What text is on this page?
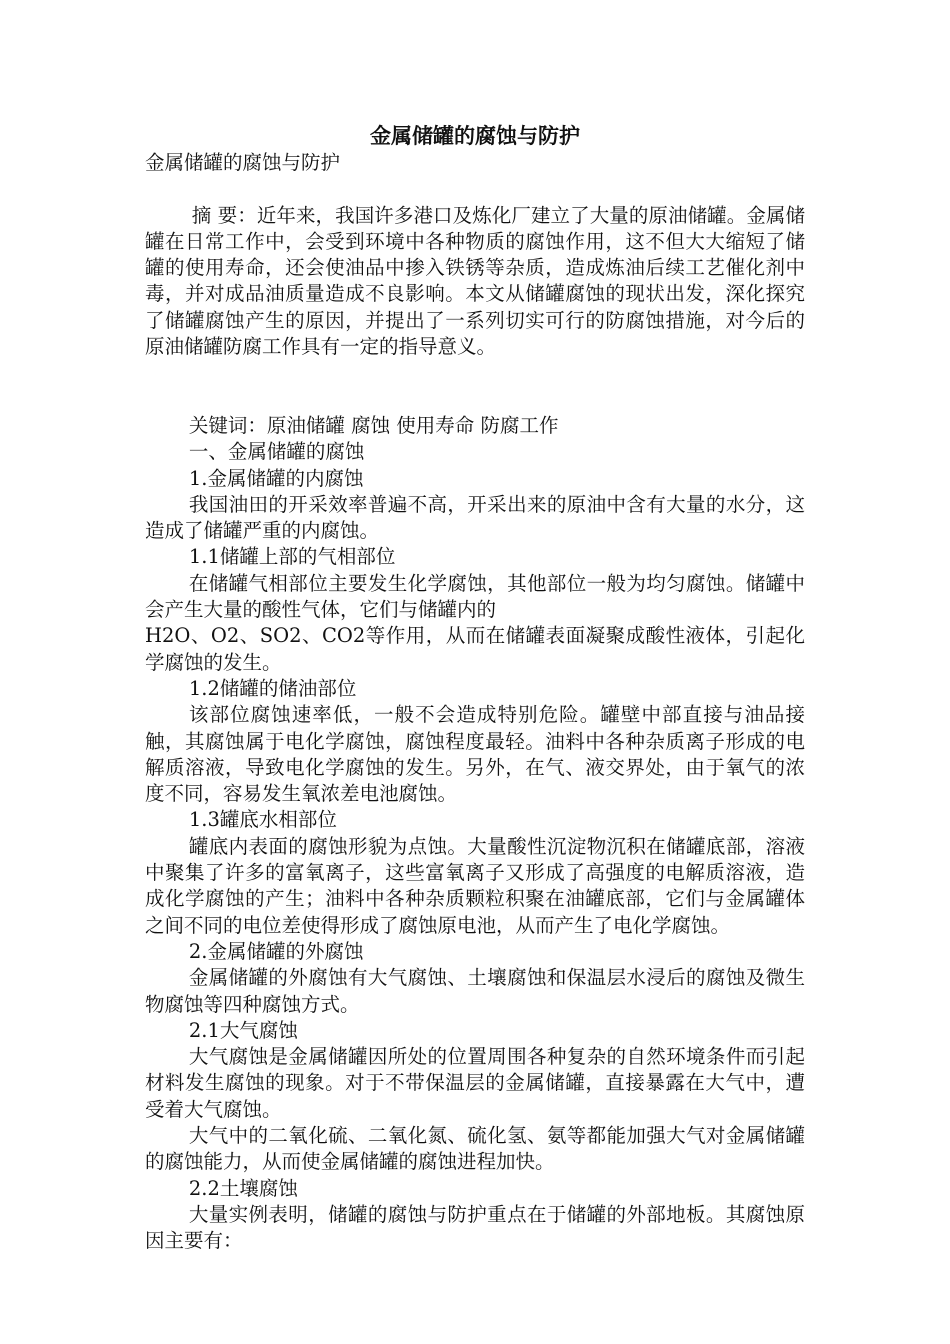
金属储罐的腐蚀与防护

金属储罐的腐蚀与防护

摘 要：近年来，我国许多港口及炼化厂建立了大量的原油储罐。金属储罐在日常工作中，会受到环境中各种物质的腐蚀作用，这不但大大缩短了储罐的使用寿命，还会使油品中掺入铁锈等杂质，造成炼油后续工艺催化剂中毒，并对成品油质量造成不良影响。本文从储罐腐蚀的现状出发，深化探究了储罐腐蚀产生的原因，并提出了一系列切实可行的防腐蚀措施，对今后的原油储罐防腐工作具有一定的指导意义。

关键词：原油储罐 腐蚀 使用寿命 防腐工作

一、金属储罐的腐蚀

1.金属储罐的内腐蚀

我国油田的开采效率普遍不高，开采出来的原油中含有大量的水分，这造成了储罐严重的内腐蚀。

1.1储罐上部的气相部位

在储罐气相部位主要发生化学腐蚀，其他部位一般为均匀腐蚀。储罐中会产生大量的酸性气体，它们与储罐内的

H2O、O2、SO2、CO2等作用，从而在储罐表面凝聚成酸性液体，引起化学腐蚀的发生。

1.2储罐的储油部位

该部位腐蚀速率低，一般不会造成特别危险。罐壁中部直接与油品接触，其腐蚀属于电化学腐蚀，腐蚀程度最轻。油料中各种杂质离子形成的电解质溶液，导致电化学腐蚀的发生。另外，在气、液交界处，由于氧气的浓度不同，容易发生氧浓差电池腐蚀。

1.3罐底水相部位

罐底内表面的腐蚀形貌为点蚀。大量酸性沉淀物沉积在储罐底部，溶液中聚集了许多的富氧离子，这些富氧离子又形成了高强度的电解质溶液，造成化学腐蚀的产生；油料中各种杂质颗粒积聚在油罐底部，它们与金属罐体之间不同的电位差使得形成了腐蚀原电池，从而产生了电化学腐蚀。

2.金属储罐的外腐蚀

金属储罐的外腐蚀有大气腐蚀、土壤腐蚀和保温层水浸后的腐蚀及微生物腐蚀等四种腐蚀方式。

2.1大气腐蚀

大气腐蚀是金属储罐因所处的位置周围各种复杂的自然环境条件而引起材料发生腐蚀的现象。对于不带保温层的金属储罐，直接暴露在大气中，遭受着大气腐蚀。

大气中的二氧化硫、二氧化氮、硫化氢、氨等都能加强大气对金属储罐的腐蚀能力，从而使金属储罐的腐蚀进程加快。

2.2土壤腐蚀

大量实例表明，储罐的腐蚀与防护重点在于储罐的外部地板。其腐蚀原因主要有：
